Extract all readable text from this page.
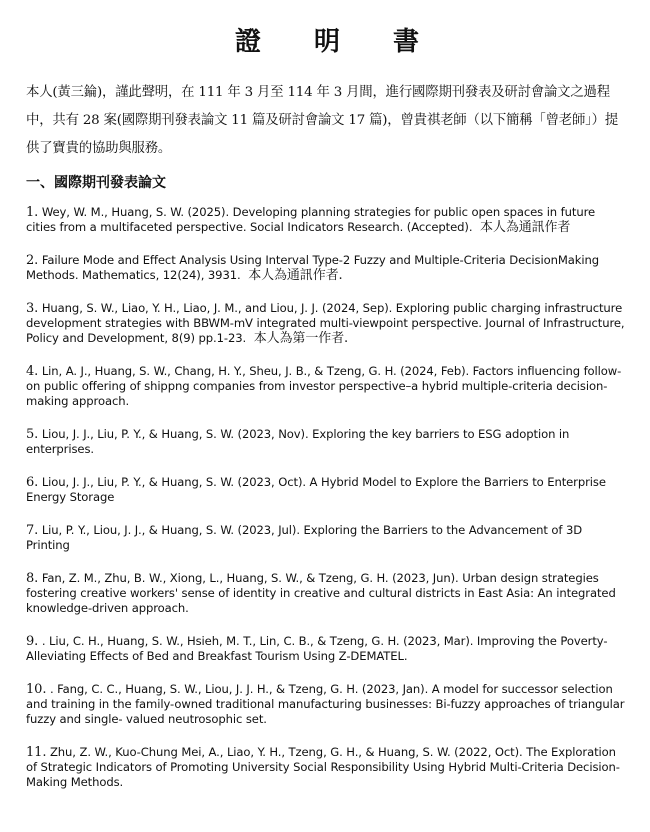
證 明 書
本人(黃三錀)，謹此聲明，在 111 年 3 月至 114 年 3 月間，進行國際期刊發表及研討會論文之過程中，共有 28 案(國際期刊發表論文 11 篇及研討會論文 17 篇)，曾貴祺老師（以下簡稱「曾老師」）提供了寶貴的協助與服務。
一、國際期刊發表論文
1. Wey, W. M., Huang, S. W. (2025). Developing planning strategies for public open spaces in future cities from a multifaceted perspective. Social Indicators Research. (Accepted). 本人為通訊作者
2. Failure Mode and Effect Analysis Using Interval Type-2 Fuzzy and Multiple-Criteria DecisionMaking Methods. Mathematics, 12(24), 3931. 本人為通訊作者.
3. Huang, S. W., Liao, Y. H., Liao, J. M., and Liou, J. J. (2024, Sep). Exploring public charging infrastructure development strategies with BBWM-mV integrated multi-viewpoint perspective. Journal of Infrastructure, Policy and Development, 8(9) pp.1-23. 本人為第一作者.
4. Lin, A. J., Huang, S. W., Chang, H. Y., Sheu, J. B., & Tzeng, G. H. (2024, Feb). Factors influencing follow-on public offering of shippng companies from investor perspective–a hybrid multiple-criteria decision-making approach.
5. Liou, J. J., Liu, P. Y., & Huang, S. W. (2023, Nov). Exploring the key barriers to ESG adoption in enterprises.
6. Liou, J. J., Liu, P. Y., & Huang, S. W. (2023, Oct). A Hybrid Model to Explore the Barriers to Enterprise Energy Storage
7. Liu, P. Y., Liou, J. J., & Huang, S. W. (2023, Jul). Exploring the Barriers to the Advancement of 3D Printing
8. Fan, Z. M., Zhu, B. W., Xiong, L., Huang, S. W., & Tzeng, G. H. (2023, Jun). Urban design strategies fostering creative workers' sense of identity in creative and cultural districts in East Asia: An integrated knowledge-driven approach.
9. . Liu, C. H., Huang, S. W., Hsieh, M. T., Lin, C. B., & Tzeng, G. H. (2023, Mar). Improving the Poverty-Alleviating Effects of Bed and Breakfast Tourism Using Z-DEMATEL.
10. . Fang, C. C., Huang, S. W., Liou, J. J. H., & Tzeng, G. H. (2023, Jan). A model for successor selection and training in the family-owned traditional manufacturing businesses: Bi-fuzzy approaches of triangular fuzzy and single- valued neutrosophic set.
11. Zhu, Z. W., Kuo-Chung Mei, A., Liao, Y. H., Tzeng, G. H., & Huang, S. W. (2022, Oct). The Exploration of Strategic Indicators of Promoting University Social Responsibility Using Hybrid Multi-Criteria Decision-Making Methods.
